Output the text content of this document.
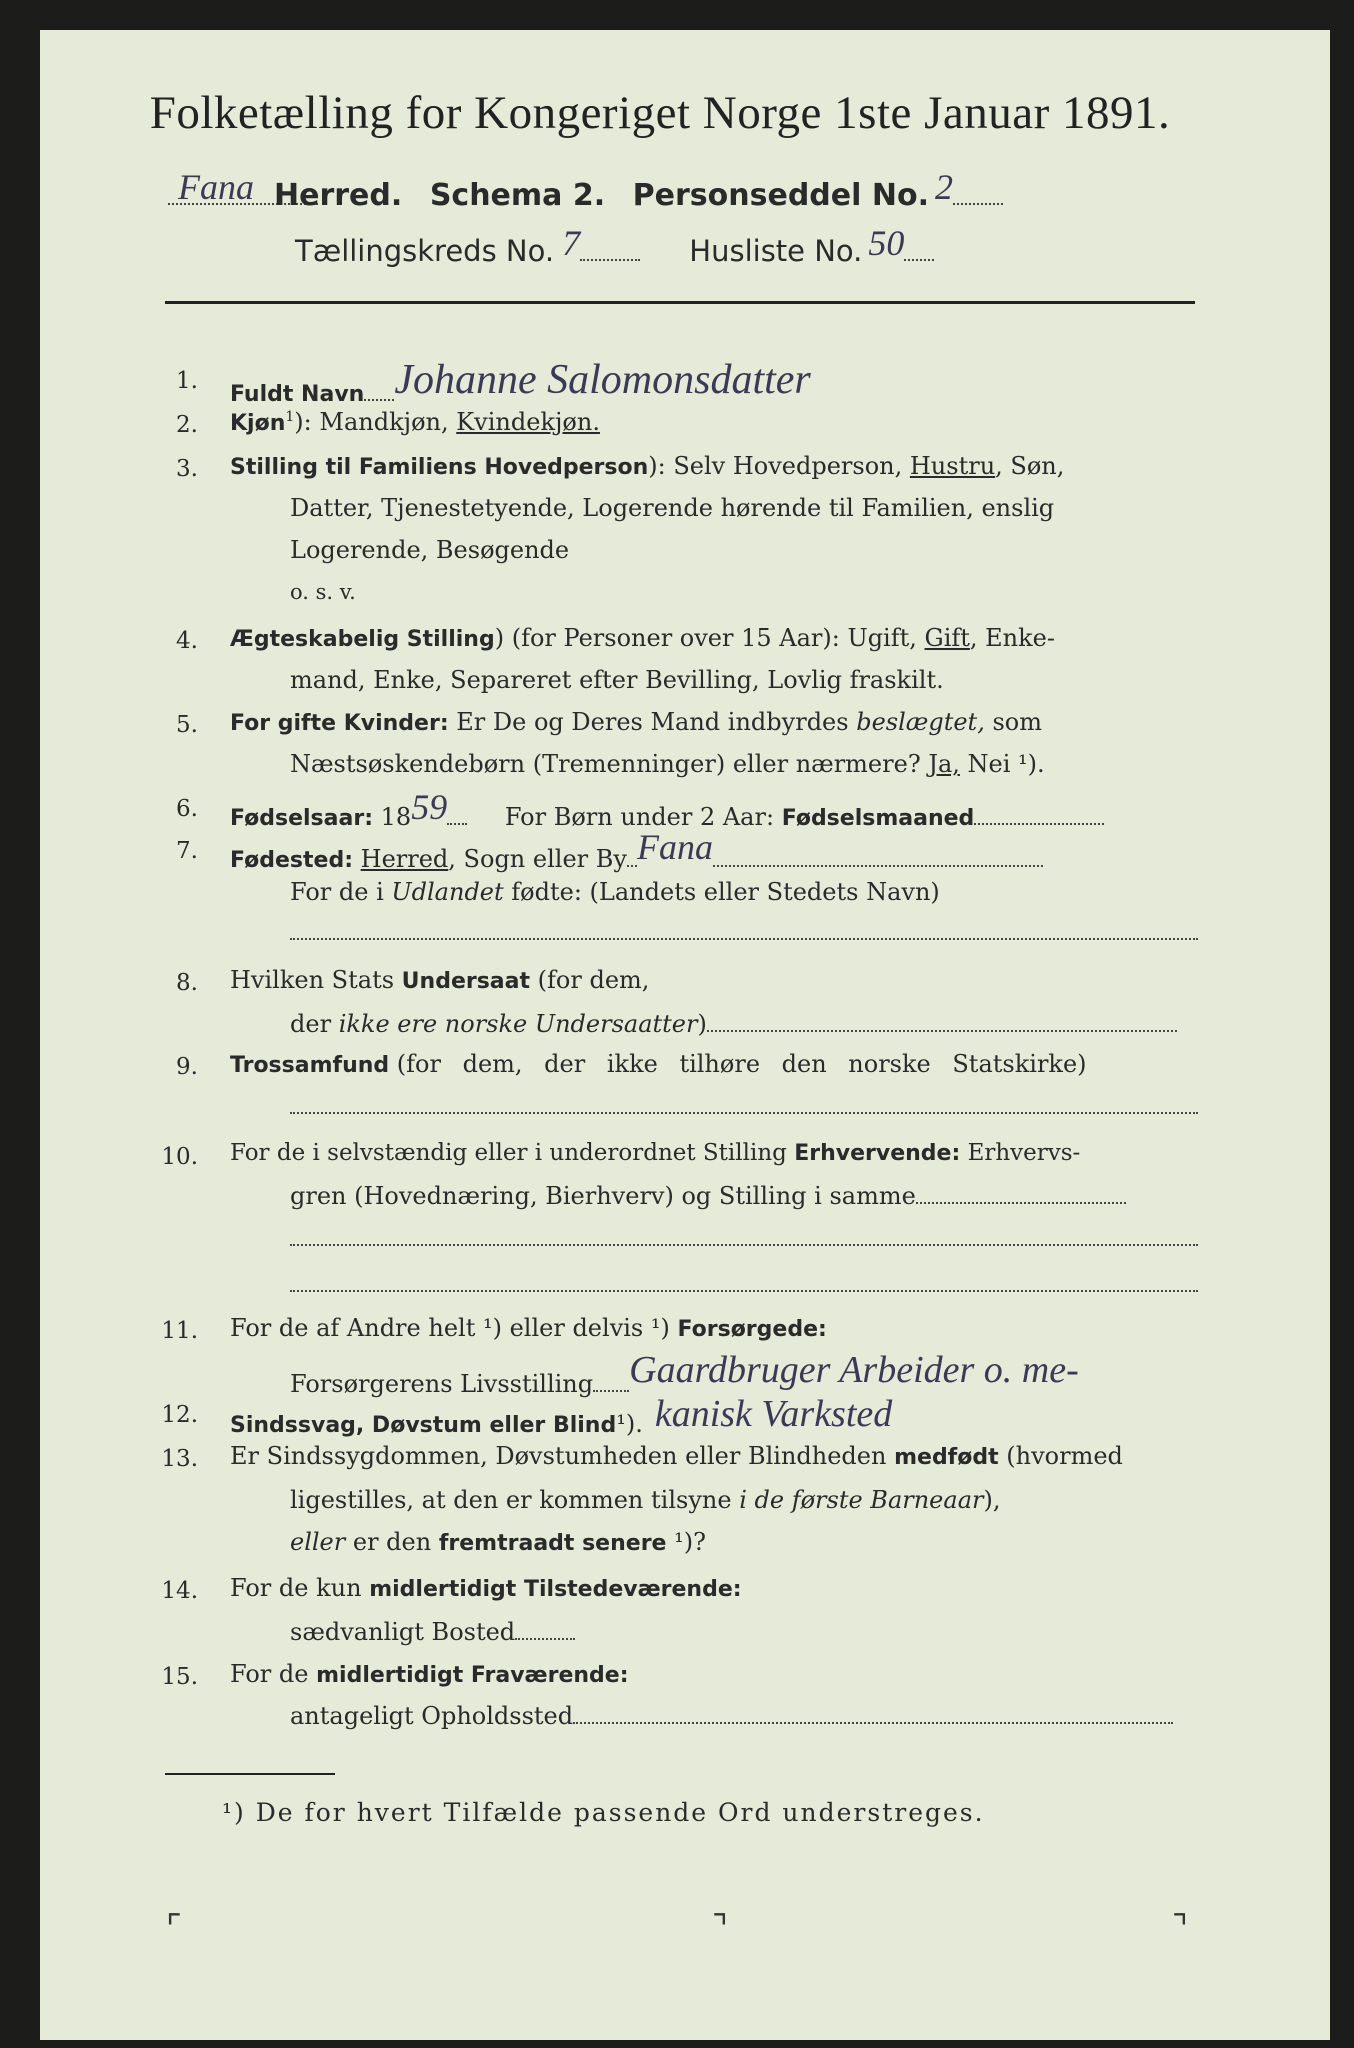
Folketælling for Kongeriget Norge 1ste Januar 1891.
Fana Herred. Schema 2. Personseddel No. 2
Tællingskreds No. 7	Husliste No. 50
1.
Fuldt Navn Johanne Salomonsdatter
2. Kjøn$^1$): Mandkjøn, Kvindekjøn.
3. Stilling til Familiens Hovedperson): Selv Hovedperson, Hustru, Søn,
Datter, Tjenestetyende, Logerende hørende til Familien, enslig
Logerende, Besøgende
o. s. v.
4. Ægteskabelig Stilling) (for Personer over 15 Aar): Ugift, Gift, Enke-
mand, Enke, Separeret efter Bevilling, Lovlig fraskilt.
5. For gifte Kvinder: Er De og Deres Mand indbyrdes beslægtet, som
Næstsøskendebørn (Tremenninger) eller nærmere? Ja, Nei ¹).
6. Fødselsaar: 1859 For Børn under 2 Aar: Fødselsmaaned
7. Fødested: Herred, Sogn eller By Fana
For de i Udlandet fødte: (Landets eller Stedets Navn)
8. Hvilken Stats Undersaat (for dem,
der ikke ere norske Undersaatter)
9. Trossamfund (for dem, der ikke tilhøre den norske Statskirke)
10. For de i selvstændig eller i underordnet Stilling Erhvervende: Erhvervs-
gren (Hovednæring, Bierhverv) og Stilling i samme
11. For de af Andre helt ¹) eller delvis ¹) Forsørgede:
Forsørgerens Livsstilling Gaardbruger Arbeider o. me-
12. Sindssvag, Døvstum eller Blind¹). kanisk Varksted
13. Er Sindssygdommen, Døvstumheden eller Blindheden medfødt (hvormed
ligestilles, at den er kommen tilsyne i de første Barneaar),
eller er den fremtraadt senere ¹)?
14. For de kun midlertidigt Tilstedeværende:
sædvanligt Bosted
15. For de midlertidigt Fraværende:
antageligt Opholdssted
¹) De for hvert Tilfælde passende Ord understreges.
⌜	⌝	⌝
